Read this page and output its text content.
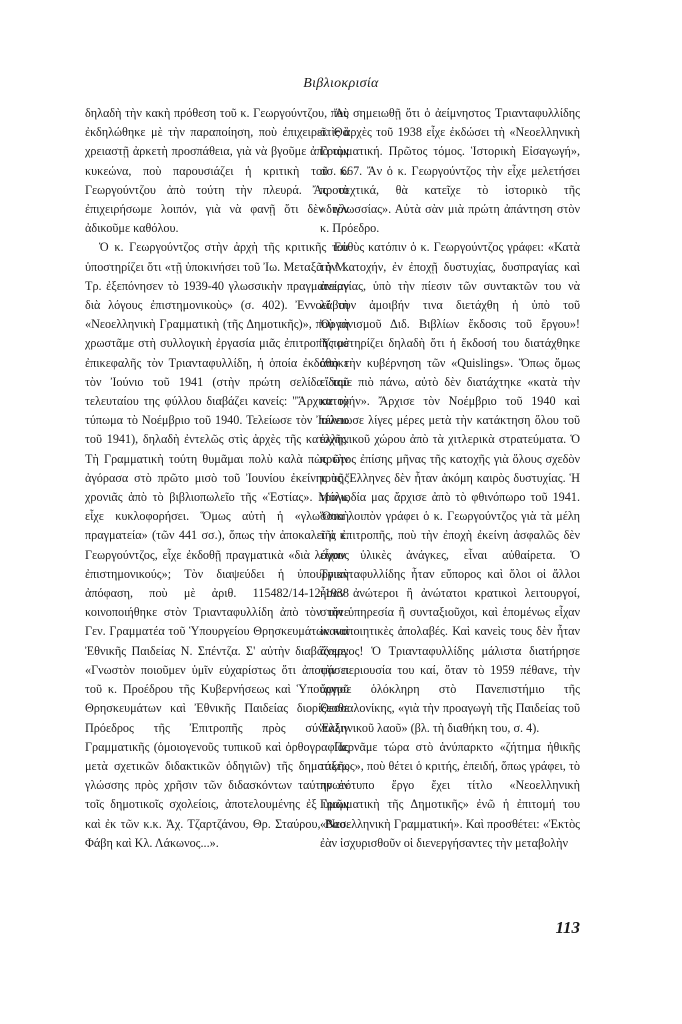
Βιβλιοκρισία

δηλαδὴ τὴν κακὴ πρόθεση τοῦ κ. Γεωργούντζου, ποὺ ἐκδηλώθηκε μὲ τὴν παραποίηση, ποὺ ἐπιχειρεῖ. Θὰ χρειαστῇ ἀρκετὴ προσπάθεια, γιὰ νὰ βγοῦμε ἀπὸ τὸν κυκεώνα, ποὺ παρουσιάζει ἡ κριτικὴ τοῦ κ. Γεωργούντζου ἀπὸ τούτη τὴν πλευρά. Ἄς τὸ ἐπιχειρήσωμε λοιπόν, γιὰ νὰ φανῇ ὅτι δὲν τὸν ἀδικοῦμε καθόλου.

Ὁ κ. Γεωργούντζος στὴν ἀρχὴ τῆς κριτικῆς του ὑποστηρίζει ὅτι «τῇ ὑποκινήσει τοῦ Ἰω. Μεταξᾶ ὁ Μ. Τρ. ἐξεπόνησεν τὸ 1939-40 γλωσσικὴν πραγματείαν διὰ λόγους ἐπιστημονικοὺς» (σ. 402). Ἐννοεῖ τὴ «Νεοελληνικὴ Γραμματικὴ (τῆς Δημοτικῆς)», ποὺ τὴ χρωστᾶμε στὴ συλλογικὴ ἐργασία μιᾶς ἐπιτροπῆς μὲ ἐπικεφαλῆς τὸν Τριανταφυλλίδη, ἡ ὁποία ἐκδόθηκε τὸν Ἰούνιο τοῦ 1941 (στὴν πρώτη σελίδα τοῦ τελευταίου της φύλλου διαβάζει κανείς: "Ἄρχισε τὸ τύπωμα τὸ Νοέμβριο τοῦ 1940. Τελείωσε τὸν Ἰούνιο τοῦ 1941), δηλαδὴ ἐντελῶς στὶς ἀρχὲς τῆς κατοχῆς. Τὴ Γραμματικὴ τούτη θυμᾶμαι πολὺ καλὰ πὼς τὴν ἀγόρασα στὸ πρῶτο μισὸ τοῦ Ἰουνίου ἐκείνης τῆς χρονιᾶς ἀπὸ τὸ βιβλιοπωλεῖο τῆς «Ἑστίας». Μόλις εἶχε κυκλοφορήσει. Ὅμως αὐτὴ ἡ «γλωσσικὴ πραγματεία» (τῶν 441 σσ.), ὅπως τὴν ἀποκαλεῖ ὁ κ. Γεωργούντζος, εἶχε ἐκδοθῇ πραγματικὰ «διὰ λόγους ἐπιστημονικούς»; Τὸν διαψεύδει ἡ ὑπουργικὴ ἀπόφαση, ποὺ μὲ ἀριθ. 115482/14-12-1938 κοινοποιήθηκε στὸν Τριανταφυλλίδη ἀπὸ τὸν τότε Γεν. Γραμματέα τοῦ Ὑπουργείου Θρησκευμάτων καὶ Ἐθνικῆς Παιδείας Ν. Σπέντζα. Σ' αὐτὴν διαβάζομε: «Γνωστὸν ποιοῦμεν ὑμῖν εὐχαρίστως ὅτι ἀποφάσει τοῦ κ. Προέδρου τῆς Κυβερνήσεως καὶ Ὑπουργοῦ Θρησκευμάτων καὶ Ἐθνικῆς Παιδείας διορίζεσθε Πρόεδρος τῆς Ἐπιτροπῆς πρὸς σύνταξιν Γραμματικῆς (ὁμοιογενοῦς τυπικοῦ καὶ ὀρθογραφίας μετὰ σχετικῶν διδακτικῶν ὁδηγιῶν) τῆς δημοτικῆς γλώσσης πρὸς χρῆσιν τῶν διδασκόντων ταύτην ἐν τοῖς δημοτικοῖς σχολείοις, ἀποτελουμένης ἐξ ὑμῶν καὶ ἐκ τῶν κ.κ. Ἀχ. Τζαρτζάνου, Θρ. Σταύρου, Βασ. Φάβη καὶ Κλ. Λάκωνος...».

Ἄς σημειωθῇ ὅτι ὁ ἀείμνηστος Τριανταφυλλίδης στὶς ἀρχὲς τοῦ 1938 εἶχε ἐκδώσει τὴ «Νεοελληνικὴ Γραμματική. Πρῶτος τόμος. Ἱστορικὴ Εἰσαγωγή», σσ. 667. Ἄν ὁ κ. Γεωργούντζος τὴν εἶχε μελετήσει προσεχτικά, θὰ κατεῖχε τὸ ἱστορικὸ τῆς «διγλωσσίας». Αὐτὰ σὰν μιὰ πρώτη ἀπάντηση στὸν κ. Πρόεδρο.

Εὐθὺς κατόπιν ὁ κ. Γεωργούντζος γράφει: «Κατὰ τὴν κατοχήν, ἐν ἐποχῇ δυστυχίας, δυσπραγίας καὶ ἀνεργίας, ὑπὸ τὴν πίεσιν τῶν συντακτῶν του νὰ λάβουν ἀμοιβήν τινα διετάχθη ἡ ὑπὸ τοῦ Ὀργανισμοῦ Διδ. Βιβλίων ἔκδοσις τοῦ ἔργου»! Ὑποστηρίζει δηλαδὴ ὅτι ἡ ἔκδοσή του διατάχθηκε ἀπὸ τὴν κυβέρνηση τῶν «Quislings». Ὅπως ὅμως εἴδαμε πιὸ πάνω, αὐτὸ δὲν διατάχτηκε «κατὰ τὴν κατοχήν». Ἄρχισε τὸν Νοέμβριο τοῦ 1940 καὶ τέλειωσε λίγες μέρες μετὰ τὴν κατάκτηση ὅλου τοῦ ἑλληνικοῦ χώρου ἀπὸ τὰ χιτλερικὰ στρατεύματα. Ὁ πρῶτος ἐπίσης μῆνας τῆς κατοχῆς γιὰ ὅλους σχεδὸν τοὺς Ἕλληνες δὲν ἦταν ἀκόμη καιρὸς δυστυχίας. Ἡ τραγωδία μας ἄρχισε ἀπὸ τὸ φθινόπωρο τοῦ 1941. Ὅσα λοιπὸν γράφει ὁ κ. Γεωργούντζος γιὰ τὰ μέλη τῆς ἐπιτροπῆς, ποὺ τὴν ἐποχὴ ἐκείνη ἀσφαλῶς δὲν εἶχαν ὑλικὲς ἀνάγκες, εἶναι αὐθαίρετα. Ὁ Τριανταφυλλίδης ἦταν εὔπορος καὶ ὅλοι οἱ ἄλλοι ἦσαν ἀνώτεροι ἢ ἀνώτατοι κρατικοὶ λειτουργοί, στὴν ὑπηρεσία ἢ συνταξιοῦχοι, καὶ ἑπομένως εἶχαν ἱκανοποιητικὲς ἀπολαβές. Καὶ κανεὶς τους δὲν ἦταν ἄνεργος! Ὁ Τριανταφυλλίδης μάλιστα διατήρησε τὴν περιουσία του καί, ὅταν τὸ 1959 πέθανε, τὴν ἄφησε ὁλόκληρη στὸ Πανεπιστήμιο τῆς Θεσσαλονίκης, «γιὰ τὴν προαγωγὴ τῆς Παιδείας τοῦ Ἑλληνικοῦ λαοῦ» (βλ. τὴ διαθήκη του, σ. 4).

Περνᾶμε τώρα στὸ ἀνύπαρκτο «ζήτημα ἠθικῆς τάξεως», ποὺ θέτει ὁ κριτής, ἐπειδή, ὅπως γράφει, τὸ πρωτότυπο ἔργο ἔχει τίτλο «Νεοελληνικὴ Γραμματικὴ τῆς Δημοτικῆς» ἐνῶ ἡ ἐπιτομή του «Νεοελληνικὴ Γραμματική». Καὶ προσθέτει: «Ἐκτὸς ἐὰν ἰσχυρισθοῦν οἱ διενεργήσαντες τὴν μεταβολὴν

113
